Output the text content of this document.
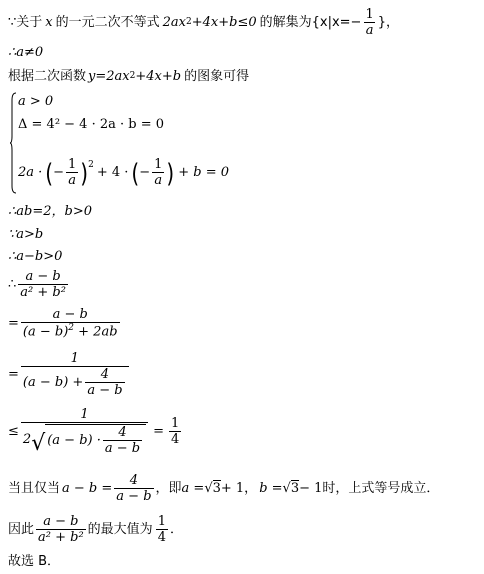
∵关于 x 的一元二次不等式 2ax 2 +4x+b≤0 的解集为{$x|x=- \frac{1}{a}$ }，
∴a≠0
根据二次函数 y=2ax 2 +4x+b 的图象可得
a > 0
Δ = 4² − 4 · 2a · b = 0
2a · ( − $\frac{1}{a}$ ) 2 + 4 · ( − $\frac{1}{a}$ ) + b = 0
∴ab=2，b>0
∵a>b
∴a−b>0
∴ $\frac{a - b}{\text{a² + b²}}$
= $\frac{a - b}{(a - b)^2 + 2ab}$
= $\frac{1}{(a - b) + \frac{4}{a - b}}$
≤
1
2 √ $(a - b) \cdot \frac{4}{a - b} = \frac{1}{4}$
当且仅当 $a - b = \frac{4}{a - b}$ ，即 a = √3 + 1， b = √3 − 1 时，上式等号成立．
因此 $\frac{a - b}{\text{a² + b²}}$ 的最大值为 $\frac{1}{4}$ ．
故选 B．
